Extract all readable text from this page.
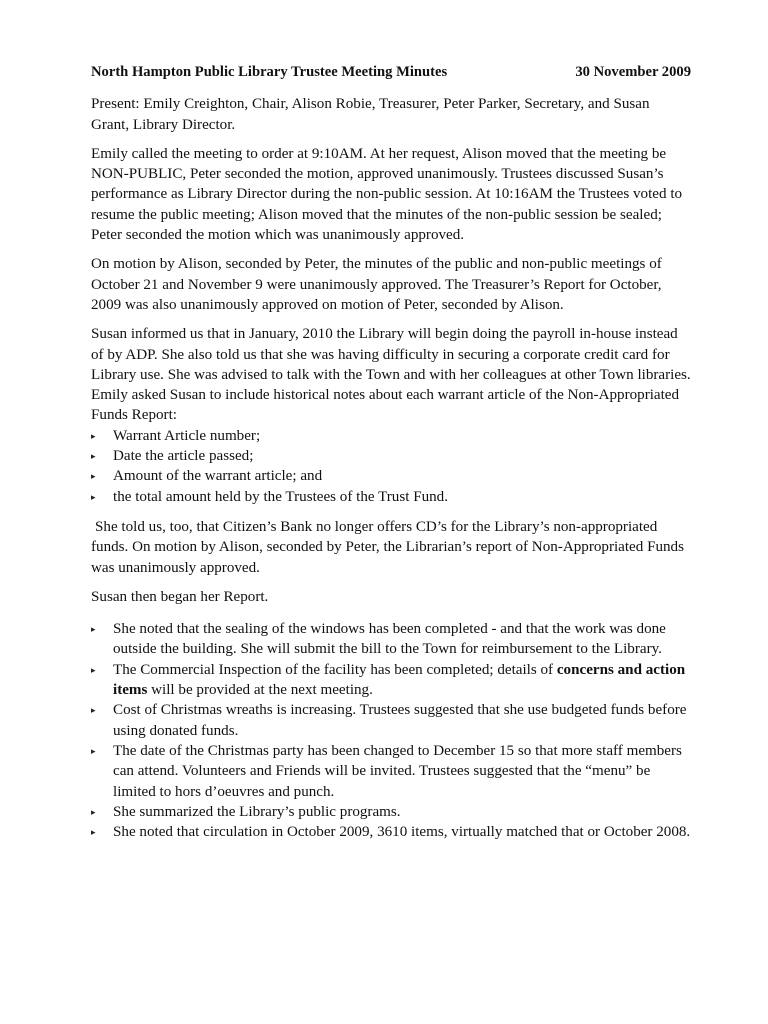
North Hampton Public Library Trustee Meeting Minutes	30 November 2009

Present: Emily Creighton, Chair, Alison Robie, Treasurer, Peter Parker, Secretary, and Susan Grant, Library Director.

Emily called the meeting to order at 9:10AM. At her request, Alison moved that the meeting be NON-PUBLIC, Peter seconded the motion, approved unanimously. Trustees discussed Susan’s performance as Library Director during the non-public session. At 10:16AM the Trustees voted to resume the public meeting; Alison moved that the minutes of the non-public session be sealed; Peter seconded the motion which was unanimously approved.

On motion by Alison, seconded by Peter, the minutes of the public and non-public meetings of October 21 and November 9 were unanimously approved. The Treasurer’s Report for October, 2009 was also unanimously approved on motion of Peter, seconded by Alison.

Susan informed us that in January, 2010 the Library will begin doing the payroll in-house instead of by ADP. She also told us that she was having difficulty in securing a corporate credit card for Library use. She was advised to talk with the Town and with her colleagues at other Town libraries. Emily asked Susan to include historical notes about each warrant article of the Non-Appropriated Funds Report:

▸ Warrant Article number;
▸ Date the article passed;
▸ Amount of the warrant article; and
▸ the total amount held by the Trustees of the Trust Fund.

She told us, too, that Citizen’s Bank no longer offers CD’s for the Library’s non-appropriated funds. On motion by Alison, seconded by Peter, the Librarian’s report of Non-Appropriated Funds was unanimously approved.

Susan then began her Report.

▸ She noted that the sealing of the windows has been completed - and that the work was done outside the building. She will submit the bill to the Town for reimbursement to the Library.
▸ The Commercial Inspection of the facility has been completed; details of concerns and action items will be provided at the next meeting.
▸ Cost of Christmas wreaths is increasing. Trustees suggested that she use budgeted funds before using donated funds.
▸ The date of the Christmas party has been changed to December 15 so that more staff members can attend. Volunteers and Friends will be invited. Trustees suggested that the “menu” be limited to hors d’oeuvres and punch.
▸ She summarized the Library’s public programs.
▸ She noted that circulation in October 2009, 3610 items, virtually matched that or October 2008.
